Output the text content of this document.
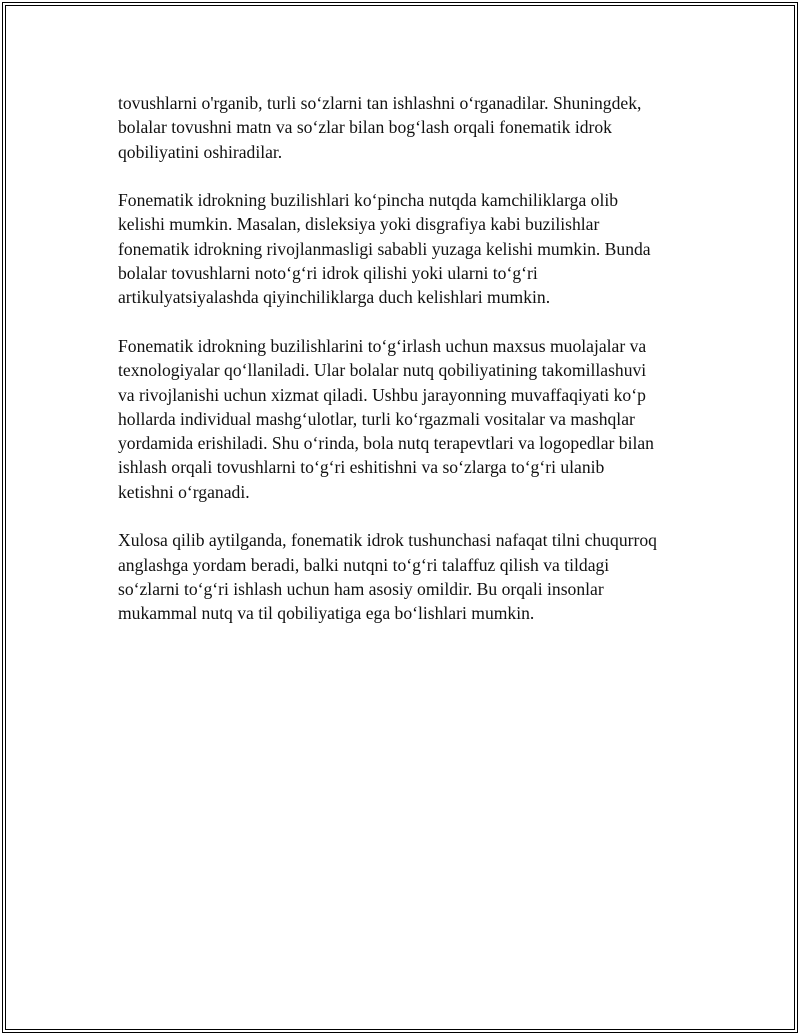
tovushlarni o'rganib, turli soʻzlarni tan ishlashni oʻrganadilar. Shuningdek,
bolalar tovushni matn va soʻzlar bilan bogʻlash orqali fonematik idrok
qobiliyatini oshiradilar.

Fonematik idrokning buzilishlari koʻpincha nutqda kamchiliklarga olib
kelishi mumkin. Masalan, disleksiya yoki disgrafiya kabi buzilishlar
fonematik idrokning rivojlanmasligi sababli yuzaga kelishi mumkin. Bunda
bolalar tovushlarni notoʻgʻri idrok qilishi yoki ularni toʻgʻri
artikulyatsiyalashda qiyinchiliklarga duch kelishlari mumkin.

Fonematik idrokning buzilishlarini toʻgʻirlash uchun maxsus muolajalar va
texnologiyalar qoʻllaniladi. Ular bolalar nutq qobiliyatining takomillashuvi
va rivojlanishi uchun xizmat qiladi. Ushbu jarayonning muvaffaqiyati koʻp
hollarda individual mashgʻulotlar, turli koʻrgazmali vositalar va mashqlar
yordamida erishiladi. Shu oʻrinda, bola nutq terapevtlari va logopedlar bilan
ishlash orqali tovushlarni toʻgʻri eshitishni va soʻzlarga toʻgʻri ulanib
ketishni oʻrganadi.

Xulosa qilib aytilganda, fonematik idrok tushunchasi nafaqat tilni chuqurroq
anglashga yordam beradi, balki nutqni toʻgʻri talaffuz qilish va tildagi
soʻzlarni toʻgʻri ishlash uchun ham asosiy omildir. Bu orqali insonlar
mukammal nutq va til qobiliyatiga ega boʻlishlari mumkin.
